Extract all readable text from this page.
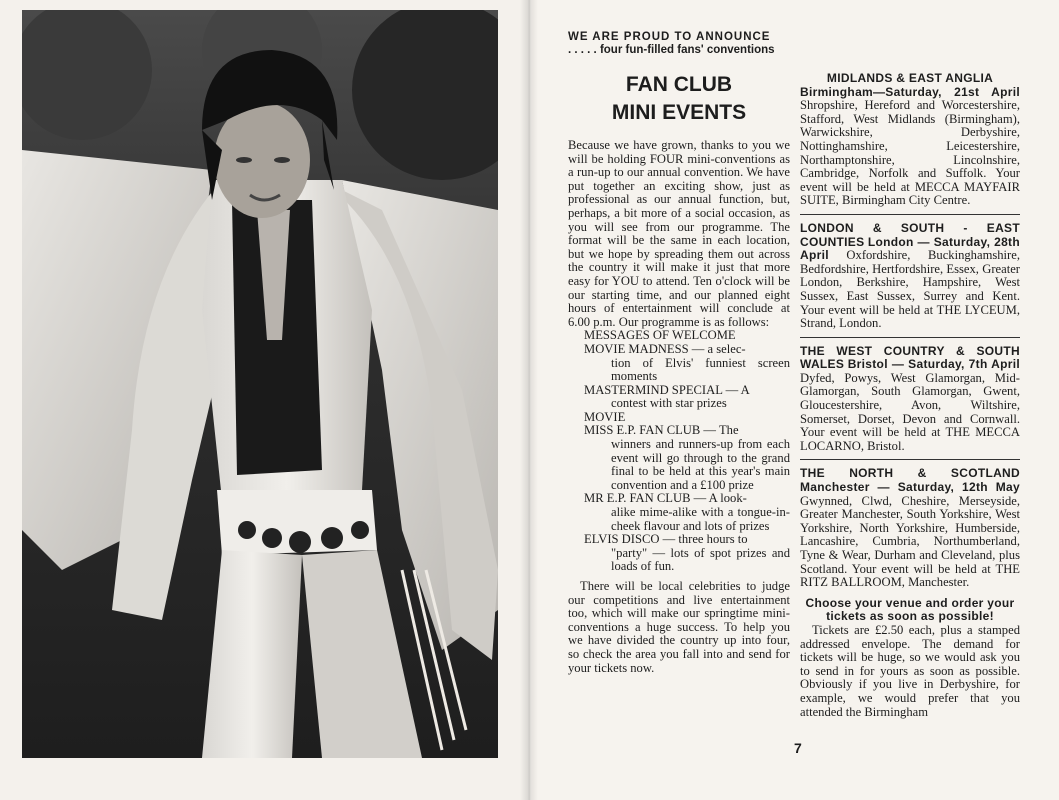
WE ARE PROUD TO ANNOUNCE
. . . . . four fun-filled fans' conventions
FAN CLUB
MINI EVENTS

Because we have grown, thanks to you we will be holding FOUR mini-conventions as a run-up to our annual convention. We have put together an exciting show, just as professional as our annual function, but, perhaps, a bit more of a social occasion, as you will see from our programme. The format will be the same in each location, but we hope by spreading them out across the country it will make it just that more easy for YOU to attend. Ten o'clock will be our starting time, and our planned eight hours of entertainment will conclude at 6.00 p.m. Our programme is as follows:

MESSAGES OF WELCOME
MOVIE MADNESS — a selec-
tion of Elvis' funniest screen moments
MASTERMIND SPECIAL — A
contest with star prizes
MOVIE
MISS E.P. FAN CLUB — The
winners and runners-up from each event will go through to the grand final to be held at this year's main convention and a £100 prize
MR E.P. FAN CLUB — A look-
alike mime-alike with a tongue-in-cheek flavour and lots of prizes
ELVIS DISCO — three hours to
"party" — lots of spot prizes and loads of fun.

There will be local celebrities to judge our competitions and live entertainment too, which will make our springtime mini-conventions a huge success. To help you we have divided the country up into four, so check the area you fall into and send for your tickets now.

MIDLANDS & EAST ANGLIA
Birmingham—Saturday, 21st April Shropshire, Hereford and Worcestershire, Stafford, West Midlands (Birmingham), Warwickshire, Derbyshire, Nottinghamshire, Leicestershire, Northamptonshire, Lincolnshire, Cambridge, Norfolk and Suffolk. Your event will be held at MECCA MAYFAIR SUITE, Birmingham City Centre.
LONDON & SOUTH - EAST COUNTIES London — Saturday, 28th April Oxfordshire, Buckinghamshire, Bedfordshire, Hertfordshire, Essex, Greater London, Berkshire, Hampshire, West Sussex, East Sussex, Surrey and Kent. Your event will be held at THE LYCEUM, Strand, London.
THE WEST COUNTRY & SOUTH WALES Bristol — Saturday, 7th April Dyfed, Powys, West Glamorgan, Mid-Glamorgan, South Glamorgan, Gwent, Gloucestershire, Avon, Wiltshire, Somerset, Dorset, Devon and Cornwall. Your event will be held at THE MECCA LOCARNO, Bristol.
THE NORTH & SCOTLAND Manchester — Saturday, 12th May Gwynned, Clwd, Cheshire, Merseyside, Greater Manchester, South Yorkshire, West Yorkshire, North Yorkshire, Humberside, Lancashire, Cumbria, Northumberland, Tyne & Wear, Durham and Cleveland, plus Scotland. Your event will be held at THE RITZ BALLROOM, Manchester.
Choose your venue and order your tickets as soon as possible!

Tickets are £2.50 each, plus a stamped addressed envelope. The demand for tickets will be huge, so we would ask you to send in for yours as soon as possible. Obviously if you live in Derbyshire, for example, we would prefer that you attended the Birmingham

7
